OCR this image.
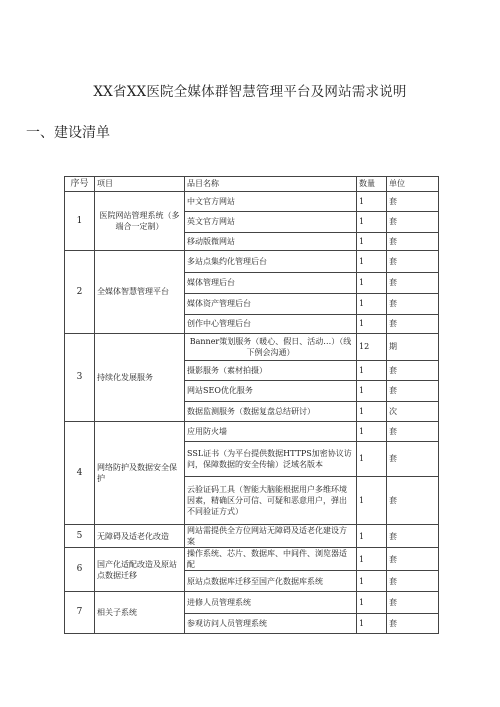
XX省XX医院全媒体群智慧管理平台及网站需求说明
一、建设清单
序号	项目	品目名称	数量	单位
1	医院网站管理系统（多端合一定制）	中文官方网站	1	套
		英文官方网站	1	套
		移动版微网站	1	套
2	全媒体智慧管理平台	多站点集约化管理后台	1	套
		媒体管理后台	1	套
		媒体资产管理后台	1	套
		创作中心管理后台	1	套
3	持续化发展服务	Banner策划服务（暖心、假日、活动…）（线下例会沟通）	12	期
		摄影服务（素材拍摄）	1	套
		网站SEO优化服务	1	套
		数据监测服务（数据复盘总结研讨）	1	次
4	网络防护及数据安全保护	应用防火墙	1	套
		SSL证书（为平台提供数据HTTPS加密协议访问，保障数据的安全传输）泛域名版本	1	套
		云验证码工具（智能大脑能根据用户多维环境因素，精确区分可信、可疑和恶意用户，弹出不同验证方式）	1	套
5	无障碍及适老化改造	网站需提供全方位网站无障碍及适老化建设方案	1	套
6	国产化适配改造及原站点数据迁移	操作系统、芯片、数据库、中间件、浏览器适配	1	套
		原站点数据库迁移至国产化数据库系统	1	套
7	相关子系统	进修人员管理系统	1	套
		参观访问人员管理系统	1	套
